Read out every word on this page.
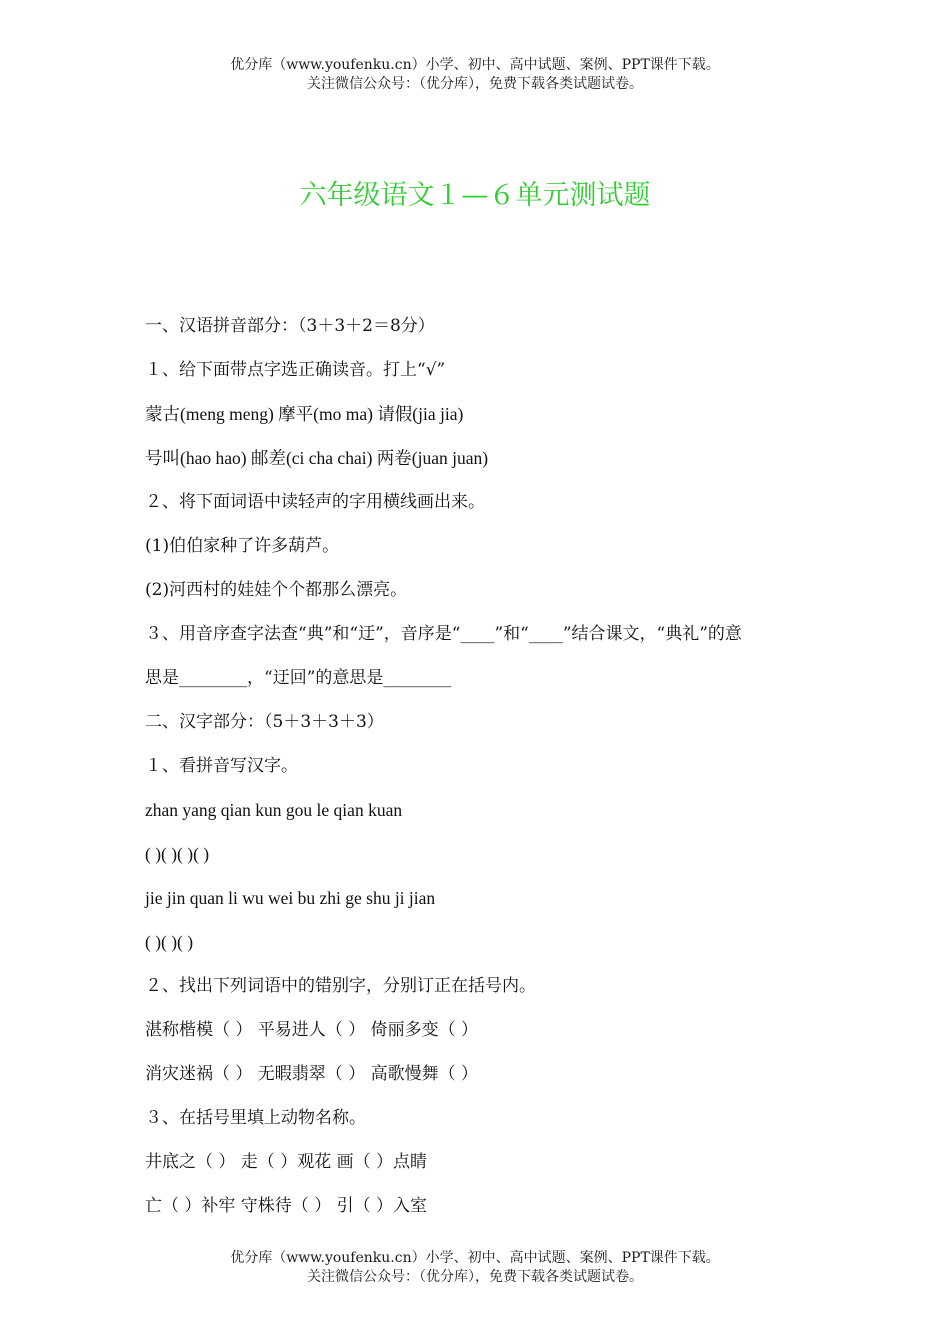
优分库（www.youfenku.cn）小学、初中、高中试题、案例、PPT课件下载。
关注微信公众号：（优分库），免费下载各类试题试卷。
六年级语文１—６单元测试题
一、汉语拼音部分：（3＋3＋2＝8分）
１、给下面带点字选正确读音。打上“√”
蒙古(meng meng) 摩平(mo ma) 请假(jia jia)
号叫(hao hao) 邮差(ci cha chai) 两卷(juan juan)
２、将下面词语中读轻声的字用横线画出来。
(1)伯伯家种了许多葫芦。
(2)河西村的娃娃个个都那么漂亮。
３、用音序查字法查“典”和“迂”，音序是“____”和“____”结合课文，“典礼”的意
思是________，“迂回”的意思是________
二、汉字部分：（5＋3＋3＋3）
１、看拼音写汉字。
zhan yang qian kun gou le qian kuan
( )( )( )( )
jie jin quan li wu wei bu zhi ge shu ji jian
( )( )( )
２、找出下列词语中的错别字，分别订正在括号内。
湛称楷模（ ） 平易进人（ ） 倚丽多变（ ）
消灾迷祸（ ） 无暇翡翠（ ） 高歌慢舞（ ）
３、在括号里填上动物名称。
井底之（ ） 走（ ）观花 画（ ）点睛
亡（ ）补牢 守株待（ ） 引（ ）入室
优分库（www.youfenku.cn）小学、初中、高中试题、案例、PPT课件下载。
关注微信公众号：（优分库），免费下载各类试题试卷。
